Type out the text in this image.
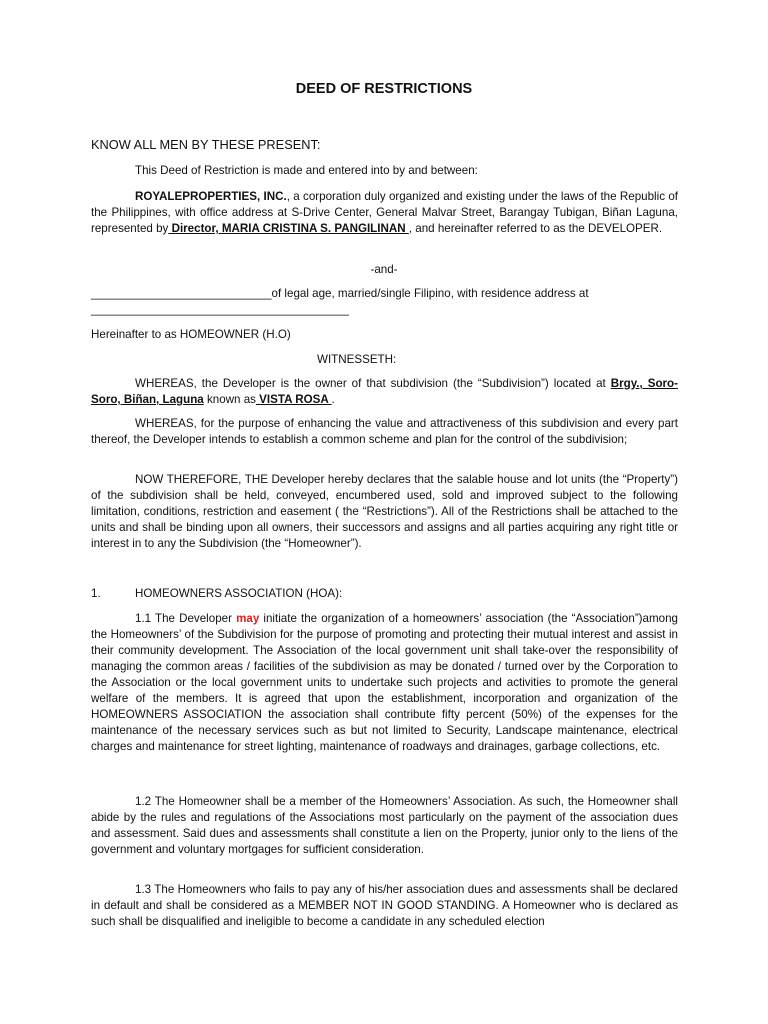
DEED OF RESTRICTIONS
KNOW ALL MEN BY THESE PRESENT:
This Deed of Restriction is made and entered into by and between:
ROYALEPROPERTIES, INC., a corporation duly organized and existing under the laws of the Republic of the Philippines, with office address at S-Drive Center, General Malvar Street, Barangay Tubigan, Biñan Laguna, represented by Director, MARIA CRISTINA S. PANGILINAN , and hereinafter referred to as the DEVELOPER.
-and-
____________________________of legal age, married/single Filipino, with residence address at
________________________________________
Hereinafter to as HOMEOWNER (H.O)
WITNESSETH:
WHEREAS, the Developer is the owner of that subdivision (the “Subdivision”) located at Brgy., Soro-Soro, Biñan, Laguna known as VISTA ROSA .
WHEREAS, for the purpose of enhancing the value and attractiveness of this subdivision and every part thereof, the Developer intends to establish a common scheme and plan for the control of the subdivision;
NOW THEREFORE, THE Developer hereby declares that the salable house and lot units (the “Property”) of the subdivision shall be held, conveyed, encumbered used, sold and improved subject to the following limitation, conditions, restriction and easement ( the “Restrictions”). All of the Restrictions shall be attached to the units and shall be binding upon all owners, their successors and assigns and all parties acquiring any right title or interest in to any the Subdivision (the “Homeowner”).
1.	HOMEOWNERS ASSOCIATION (HOA):
1.1 The Developer may initiate the organization of a homeowners’ association (the “Association”)among the Homeowners’ of the Subdivision for the purpose of promoting and protecting their mutual interest and assist in their community development. The Association of the local government unit shall take-over the responsibility of managing the common areas / facilities of the subdivision as may be donated / turned over by the Corporation to the Association or the local government units to undertake such projects and activities to promote the general welfare of the members. It is agreed that upon the establishment, incorporation and organization of the HOMEOWNERS ASSOCIATION the association shall contribute fifty percent (50%) of the expenses for the maintenance of the necessary services such as but not limited to Security, Landscape maintenance, electrical charges and maintenance for street lighting, maintenance of roadways and drainages, garbage collections, etc.
1.2 The Homeowner shall be a member of the Homeowners’ Association. As such, the Homeowner shall abide by the rules and regulations of the Associations most particularly on the payment of the association dues and assessment. Said dues and assessments shall constitute a lien on the Property, junior only to the liens of the government and voluntary mortgages for sufficient consideration.
1.3 The Homeowners who fails to pay any of his/her association dues and assessments shall be declared in default and shall be considered as a MEMBER NOT IN GOOD STANDING. A Homeowner who is declared as such shall be disqualified and ineligible to become a candidate in any scheduled election
